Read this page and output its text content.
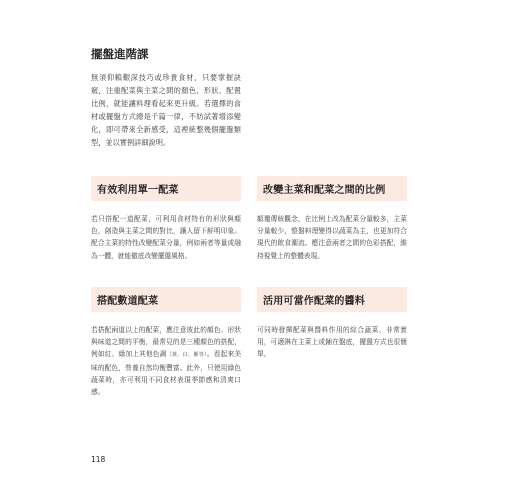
擺盤進階課

無須仰賴艱深技巧或珍貴食材，只要掌握訣竅，注重配菜與主菜之間的顏色、形狀、配置比例，就能讓料理看起來更升級。若選擇的食材或擺盤方式總是千篇一律，不妨試著增添變化，即可帶來全新感受，這裡統整幾個擺盤類型，並以實例詳細說明。

有效利用單一配菜
若只搭配一道配菜，可利用食材特有的形狀與顏色，創造與主菜之間的對比，讓人留下鮮明印象。配合主菜的特性改變配菜分量，例如兩者等量或融為一體，就能徹底改變擺盤風格。
改變主菜和配菜之間的比例
顛覆傳統觀念，在比例上改為配菜分量較多，主菜分量較少，整盤料理變得以蔬菜為主，也更加符合現代的飲食潮流。應注意兩者之間的色彩搭配，維持視覺上的整體表現。
搭配數道配菜
若搭配兩道以上的配菜，應注意彼此的顏色、形狀與味道之間的平衡，最常見的是三種顏色的搭配，例如紅、綠加上其他色調（黃、白、紫等）。看起來美味的配色，營養自然均衡豐富。此外，只使用綠色蔬菜時，亦可利用不同食材表現季節感和清爽口感。
活用可當作配菜的醬料
可同時發揮配菜與醬料作用的綜合蔬菜，非常實用，可適淋在主菜上或鋪在盤底，擺盤方式也很簡單。
118
